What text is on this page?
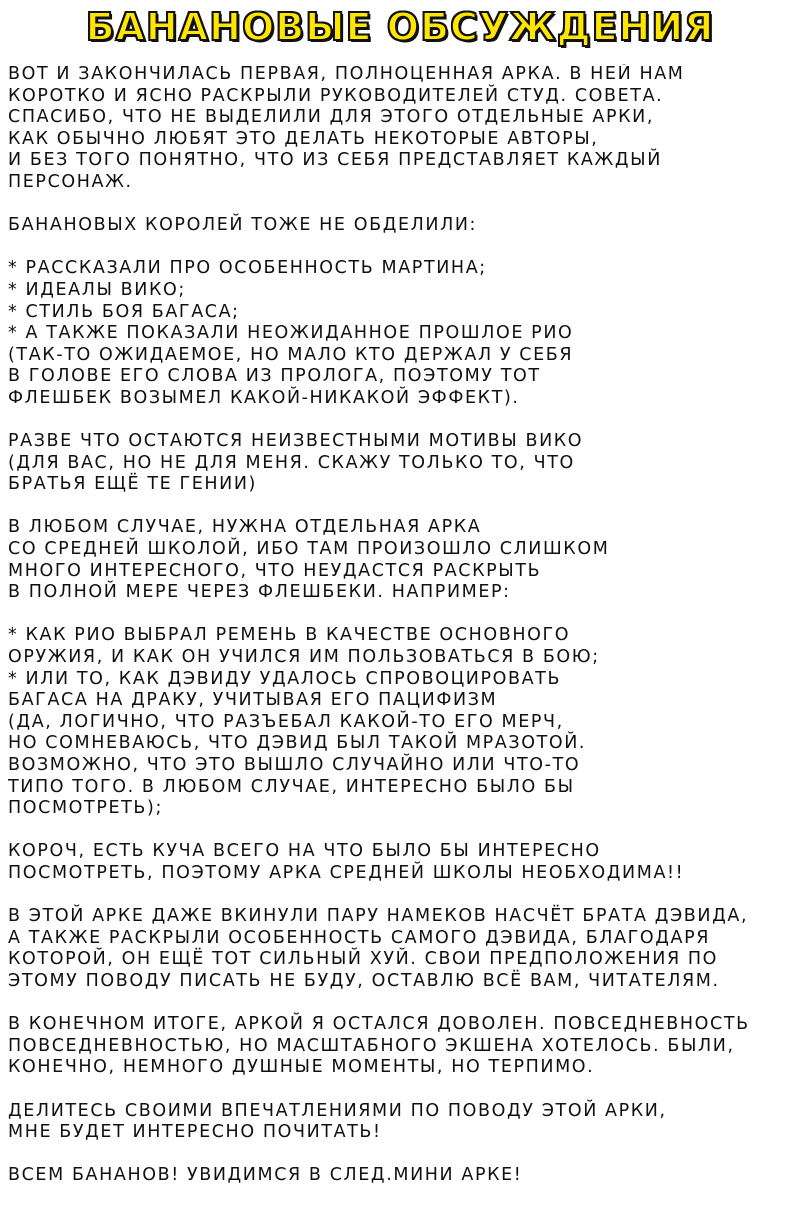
БАНАНОВЫЕ ОБСУЖДЕНИЯ
ВОТ И ЗАКОНЧИЛАСЬ ПЕРВАЯ, ПОЛНОЦЕННАЯ АРКА. В НЕЙ НАМ
КОРОТКО И ЯСНО РАСКРЫЛИ РУКОВОДИТЕЛЕЙ СТУД. СОВЕТА.
СПАСИБО, ЧТО НЕ ВЫДЕЛИЛИ ДЛЯ ЭТОГО ОТДЕЛЬНЫЕ АРКИ,
КАК ОБЫЧНО ЛЮБЯТ ЭТО ДЕЛАТЬ НЕКОТОРЫЕ АВТОРЫ,
И БЕЗ ТОГО ПОНЯТНО, ЧТО ИЗ СЕБЯ ПРЕДСТАВЛЯЕТ КАЖДЫЙ
ПЕРСОНАЖ.
БАНАНОВЫХ КОРОЛЕЙ ТОЖЕ НЕ ОБДЕЛИЛИ:
* РАССКАЗАЛИ ПРО ОСОБЕННОСТЬ МАРТИНА;
* ИДЕАЛЫ ВИКО;
* СТИЛЬ БОЯ БАГАСА;
* А ТАКЖЕ ПОКАЗАЛИ НЕОЖИДАННОЕ ПРОШЛОЕ РИО
(ТАК-ТО ОЖИДАЕМОЕ, НО МАЛО КТО ДЕРЖАЛ У СЕБЯ
В ГОЛОВЕ ЕГО СЛОВА ИЗ ПРОЛОГА, ПОЭТОМУ ТОТ
ФЛЕШБЕК ВОЗЫМЕЛ КАКОЙ-НИКАКОЙ ЭФФЕКТ).
РАЗВЕ ЧТО ОСТАЮТСЯ НЕИЗВЕСТНЫМИ МОТИВЫ ВИКО
(ДЛЯ ВАС, НО НЕ ДЛЯ МЕНЯ. СКАЖУ ТОЛЬКО ТО, ЧТО
БРАТЬЯ ЕЩЁ ТЕ ГЕНИИ)
В ЛЮБОМ СЛУЧАЕ, НУЖНА ОТДЕЛЬНАЯ АРКА
СО СРЕДНЕЙ ШКОЛОЙ, ИБО ТАМ ПРОИЗОШЛО СЛИШКОМ
МНОГО ИНТЕРЕСНОГО, ЧТО НЕУДАСТСЯ РАСКРЫТЬ
В ПОЛНОЙ МЕРЕ ЧЕРЕЗ ФЛЕШБЕКИ. НАПРИМЕР:
* КАК РИО ВЫБРАЛ РЕМЕНЬ В КАЧЕСТВЕ ОСНОВНОГО
ОРУЖИЯ, И КАК ОН УЧИЛСЯ ИМ ПОЛЬЗОВАТЬСЯ В БОЮ;
* ИЛИ ТО, КАК ДЭВИДУ УДАЛОСЬ СПРОВОЦИРОВАТЬ
БАГАСА НА ДРАКУ, УЧИТЫВАЯ ЕГО ПАЦИФИЗМ
(ДА, ЛОГИЧНО, ЧТО РАЗЪЕБАЛ КАКОЙ-ТО ЕГО МЕРЧ,
НО СОМНЕВАЮСЬ, ЧТО ДЭВИД БЫЛ ТАКОЙ МРАЗОТОЙ.
ВОЗМОЖНО, ЧТО ЭТО ВЫШЛО СЛУЧАЙНО ИЛИ ЧТО-ТО
ТИПО ТОГО. В ЛЮБОМ СЛУЧАЕ, ИНТЕРЕСНО БЫЛО БЫ
ПОСМОТРЕТЬ);
КОРОЧ, ЕСТЬ КУЧА ВСЕГО НА ЧТО БЫЛО БЫ ИНТЕРЕСНО
ПОСМОТРЕТЬ, ПОЭТОМУ АРКА СРЕДНЕЙ ШКОЛЫ НЕОБХОДИМА!!
В ЭТОЙ АРКЕ ДАЖЕ ВКИНУЛИ ПАРУ НАМЕКОВ НАСЧЁТ БРАТА ДЭВИДА,
А ТАКЖЕ РАСКРЫЛИ ОСОБЕННОСТЬ САМОГО ДЭВИДА, БЛАГОДАРЯ
КОТОРОЙ, ОН ЕЩЁ ТОТ СИЛЬНЫЙ ХУЙ. СВОИ ПРЕДПОЛОЖЕНИЯ ПО
ЭТОМУ ПОВОДУ ПИСАТЬ НЕ БУДУ, ОСТАВЛЮ ВСЁ ВАМ, ЧИТАТЕЛЯМ.
В КОНЕЧНОМ ИТОГЕ, АРКОЙ Я ОСТАЛСЯ ДОВОЛЕН. ПОВСЕДНЕВНОСТЬ
ПОВСЕДНЕВНОСТЬЮ, НО МАСШТАБНОГО ЭКШЕНА ХОТЕЛОСЬ. БЫЛИ,
КОНЕЧНО, НЕМНОГО ДУШНЫЕ МОМЕНТЫ, НО ТЕРПИМО.
ДЕЛИТЕСЬ СВОИМИ ВПЕЧАТЛЕНИЯМИ ПО ПОВОДУ ЭТОЙ АРКИ,
МНЕ БУДЕТ ИНТЕРЕСНО ПОЧИТАТЬ!
ВСЕМ БАНАНОВ! УВИДИМСЯ В СЛЕД.МИНИ АРКЕ!
